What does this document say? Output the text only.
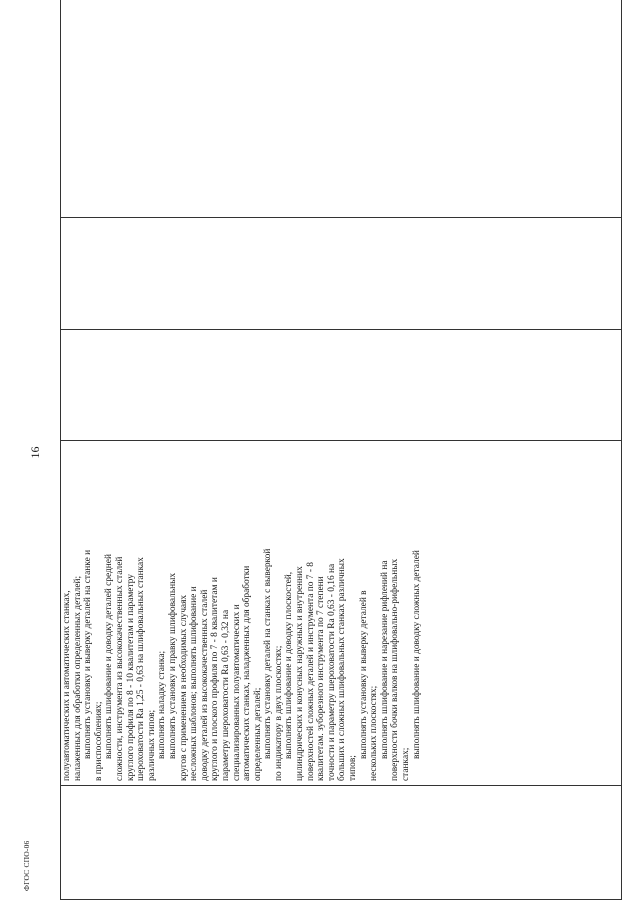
ФГОС СПО-06
16

полуавтоматических и автоматических станках, налаженных для обработки определенных деталей; выполнять установку и выверку деталей на станке и в приспособлениях; выполнять шлифование и доводку деталей средней сложности, инструмента из высококачественных сталей круглого профиля по 8 - 10 квалитетам и параметру шероховатости Ra 1,25 - 0,63 на шлифовальных станках различных типов; выполнять наладку станка; выполнять установку и правку шлифовальных кругов с применением в необходимых случаях несложных шаблонов; выполнять шлифование и доводку деталей из высококачественных сталей круглого и плоского профиля по 7 - 8 квалитетам и параметру шероховатости Ra 0,63 - 0,32 на специализированных полуавтоматических и автоматических станках, наладженных для обработки определенных деталей; выполнять установку деталей на станках с выверкой по индикатору в двух плоскостях; выполнять шлифование и доводку плоскостей, цилиндрических и конусных наружных и внутренних поверхностей сложных деталей и инструмента по 7 - 8 квалитетам. зуборезного инструмента по 7 степени точности и параметру шероховатости Ra 0,63 - 0,16 на больших и сложных шлифовальных станках различных типов;
выполнять установку и выверку деталей в нескольких плоскостях; выполнять шлифование и нарезание рифлений на поверхности бочки валков на шлифовально-рифельных станках;
выполнять шлифование и доводку сложных деталей
